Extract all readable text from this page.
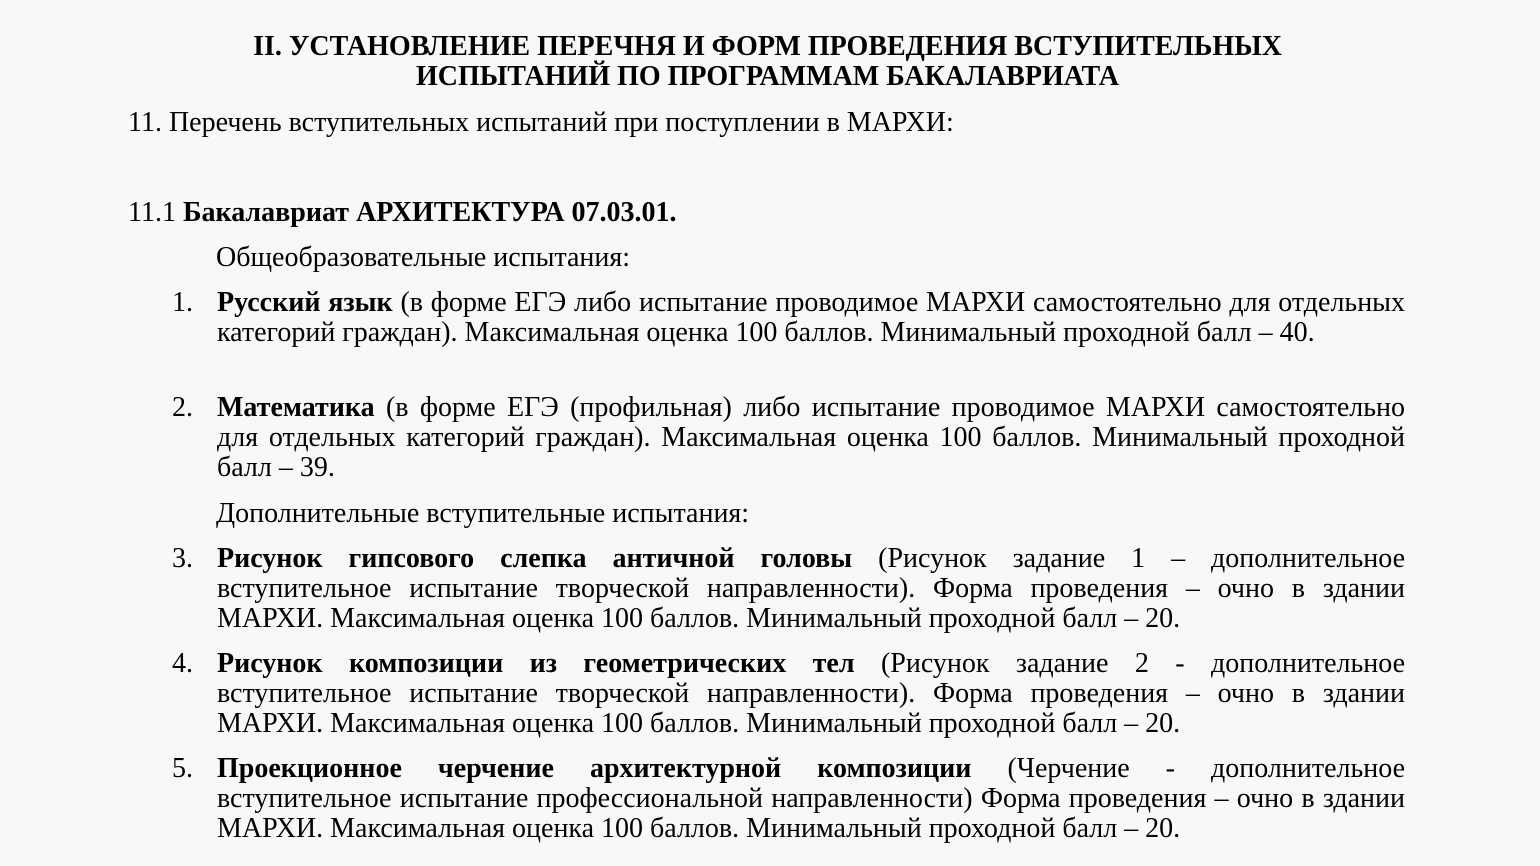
II. УСТАНОВЛЕНИЕ ПЕРЕЧНЯ И ФОРМ ПРОВЕДЕНИЯ ВСТУПИТЕЛЬНЫХ
ИСПЫТАНИЙ ПО ПРОГРАММАМ БАКАЛАВРИАТА
11. Перечень вступительных испытаний при поступлении в МАРХИ:
11.1 Бакалавриат АРХИТЕКТУРА 07.03.01.
Общеобразовательные испытания:
1. Русский язык (в форме ЕГЭ либо испытание проводимое МАРХИ самостоятельно для отдельных категорий граждан). Максимальная оценка 100 баллов. Минимальный проходной балл – 40.
2. Математика (в форме ЕГЭ (профильная) либо испытание проводимое МАРХИ самостоятельно для отдельных категорий граждан). Максимальная оценка 100 баллов. Минимальный проходной балл – 39.
Дополнительные вступительные испытания:
3. Рисунок гипсового слепка античной головы (Рисунок задание 1 – дополнительное вступительное испытание творческой направленности). Форма проведения – очно в здании МАРХИ. Максимальная оценка 100 баллов. Минимальный проходной балл – 20.
4. Рисунок композиции из геометрических тел (Рисунок задание 2 - дополнительное вступительное испытание творческой направленности). Форма проведения – очно в здании МАРХИ. Максимальная оценка 100 баллов. Минимальный проходной балл – 20.
5. Проекционное черчение архитектурной композиции (Черчение - дополнительное вступительное испытание профессиональной направленности) Форма проведения – очно в здании МАРХИ. Максимальная оценка 100 баллов. Минимальный проходной балл – 20.
